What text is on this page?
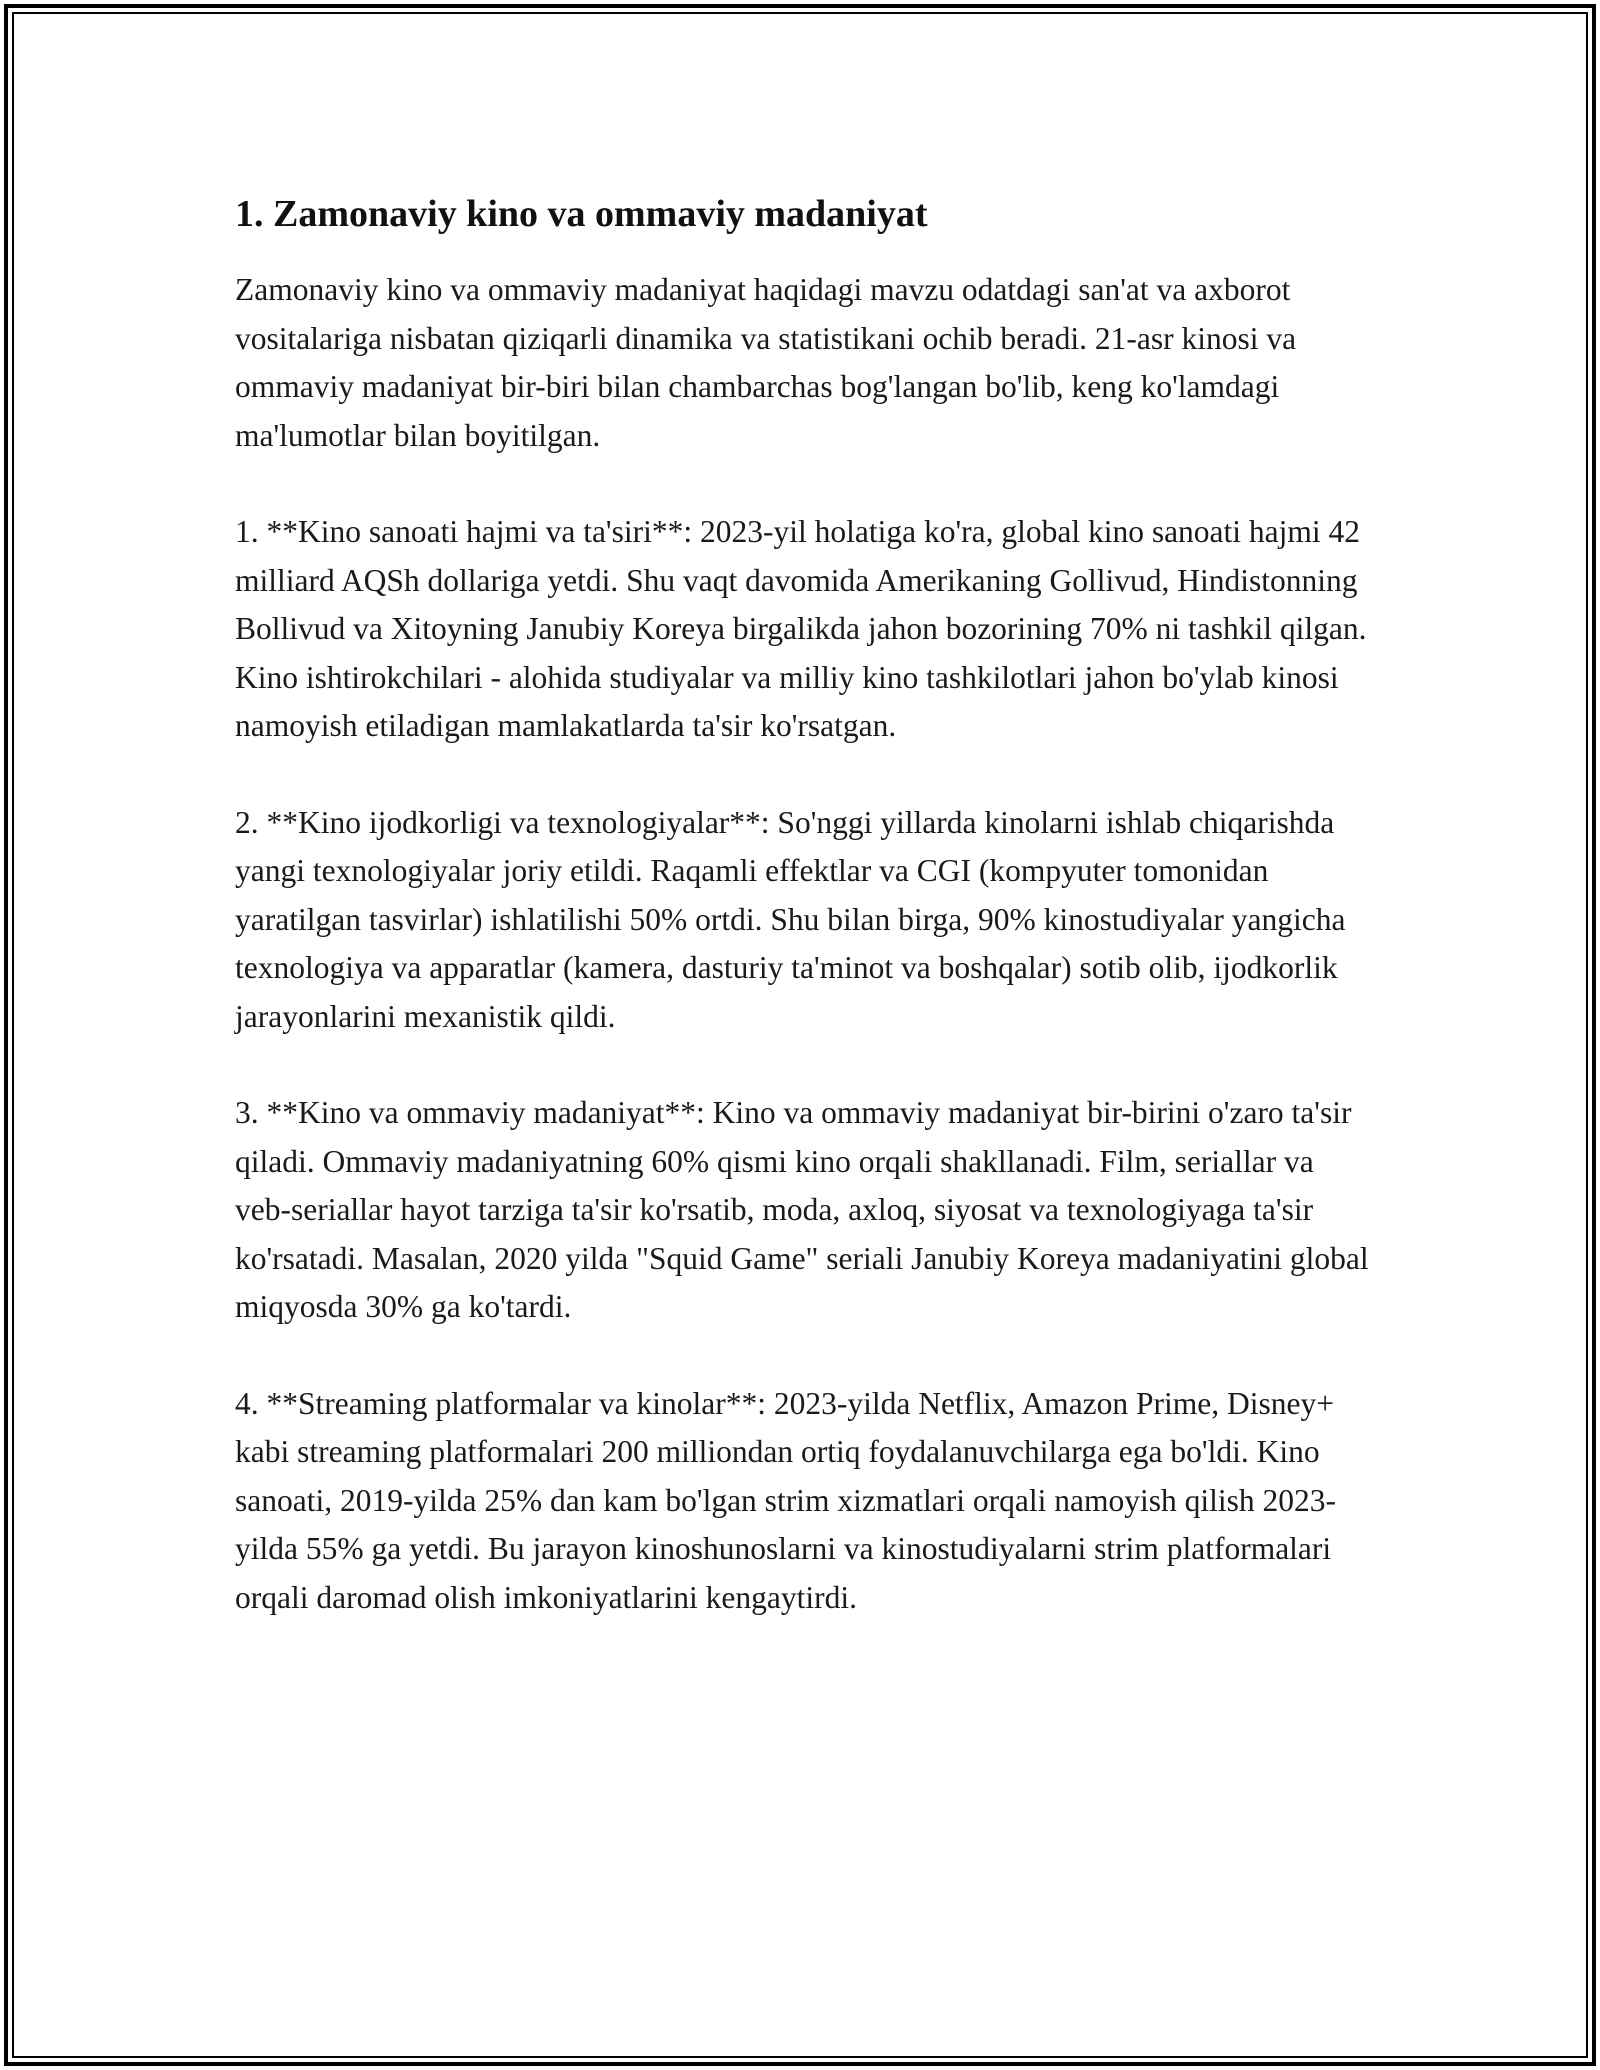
1. Zamonaviy kino va ommaviy madaniyat

Zamonaviy kino va ommaviy madaniyat haqidagi mavzu odatdagi san'at va axborot vositalariga nisbatan qiziqarli dinamika va statistikani ochib beradi. 21-asr kinosi va ommaviy madaniyat bir-biri bilan chambarchas bog'langan bo'lib, keng ko'lamdagi ma'lumotlar bilan boyitilgan.

1. **Kino sanoati hajmi va ta'siri**: 2023-yil holatiga ko'ra, global kino sanoati hajmi 42 milliard AQSh dollariga yetdi. Shu vaqt davomida Amerikaning Gollivud, Hindistonning Bollivud va Xitoyning Janubiy Koreya birgalikda jahon bozorining 70% ni tashkil qilgan. Kino ishtirokchilari - alohida studiyalar va milliy kino tashkilotlari jahon bo'ylab kinosi namoyish etiladigan mamlakatlarda ta'sir ko'rsatgan.

2. **Kino ijodkorligi va texnologiyalar**: So'nggi yillarda kinolarni ishlab chiqarishda yangi texnologiyalar joriy etildi. Raqamli effektlar va CGI (kompyuter tomonidan yaratilgan tasvirlar) ishlatilishi 50% ortdi. Shu bilan birga, 90% kinostudiyalar yangicha texnologiya va apparatlar (kamera, dasturiy ta'minot va boshqalar) sotib olib, ijodkorlik jarayonlarini mexanistik qildi.

3. **Kino va ommaviy madaniyat**: Kino va ommaviy madaniyat bir-birini o'zaro ta'sir qiladi. Ommaviy madaniyatning 60% qismi kino orqali shakllanadi. Film, seriallar va veb-seriallar hayot tarziga ta'sir ko'rsatib, moda, axloq, siyosat va texnologiyaga ta'sir ko'rsatadi. Masalan, 2020 yilda "Squid Game" seriali Janubiy Koreya madaniyatini global miqyosda 30% ga ko'tardi.

4. **Streaming platformalar va kinolar**: 2023-yilda Netflix, Amazon Prime, Disney+ kabi streaming platformalari 200 milliondan ortiq foydalanuvchilarga ega bo'ldi. Kino sanoati, 2019-yilda 25% dan kam bo'lgan strim xizmatlari orqali namoyish qilish 2023-yilda 55% ga yetdi. Bu jarayon kinoshunoslarni va kinostudiyalarni strim platformalari orqali daromad olish imkoniyatlarini kengaytirdi.
